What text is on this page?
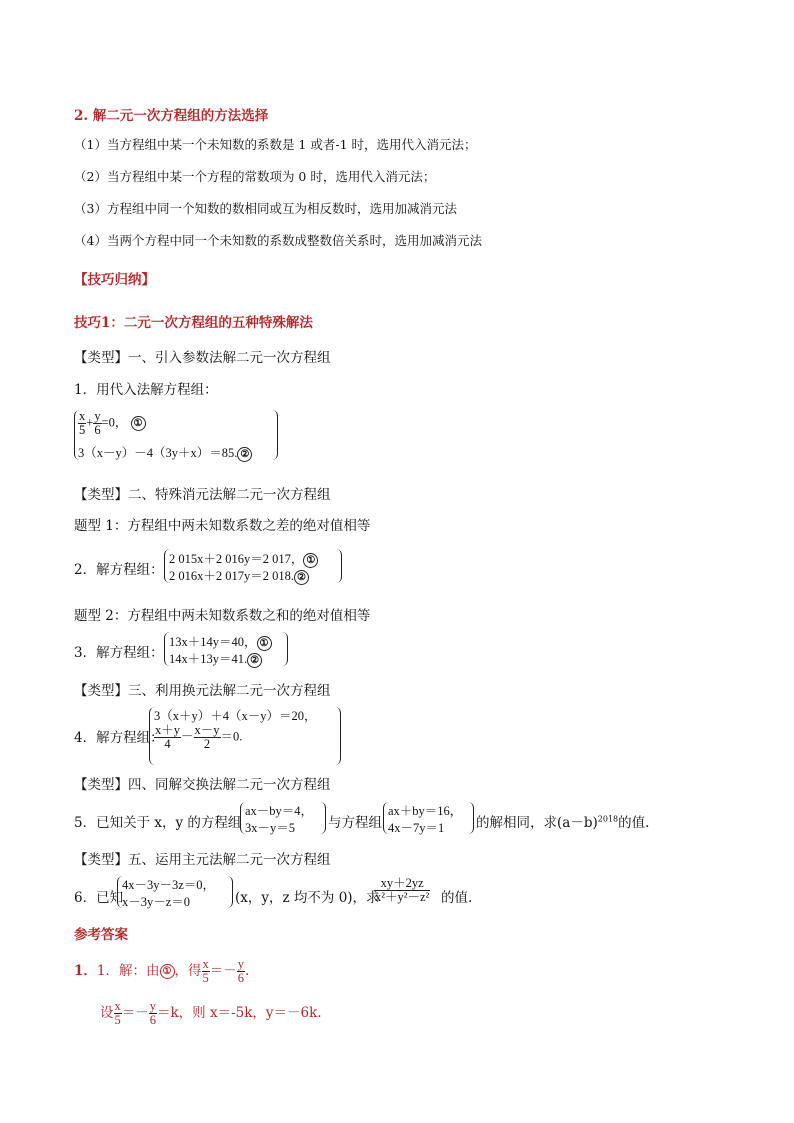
2. 解二元一次方程组的方法选择
（1）当方程组中某一个未知数的系数是 1 或者-1 时，选用代入消元法；
（2）当方程组中某一个方程的常数项为 0 时，选用代入消元法；
（3）方程组中同一个知数的数相同或互为相反数时，选用加减消元法
（4）当两个方程中同一个未知数的系数成整数倍关系时，选用加减消元法
【技巧归纳】
技巧1：二元一次方程组的五种特殊解法
【类型】一、引入参数法解二元一次方程组
1．用代入法解方程组：
$\frac{x}{5} + \frac{y}{6} =0$， ①
3（x－y）－4（3y＋x）＝85. ②
【类型】二、特殊消元法解二元一次方程组
题型 1：方程组中两未知数系数之差的绝对值相等
2．解方程组：
2 015x＋2 016y＝2 017， ①
2 016x＋2 017y＝2 018. ②
题型 2：方程组中两未知数系数之和的绝对值相等
3．解方程组：
13x＋14y＝40， ①
14x＋13y＝41. ②
【类型】三、利用换元法解二元一次方程组
4．解方程组：
3（x＋y）＋4（x－y）＝20，
$\frac{x+y}{4} - \frac{x-y}{2} =0$.
【类型】四、同解交换法解二元一次方程组
5．已知关于 x，y 的方程组
ax－by＝4，
3x－y＝5 与方程组
ax＋by＝16，
4x－7y＝1 的解相同，求$(a-b)^{2018}$的值.
【类型】五、运用主元法解二元一次方程组
6．已知
4x－3y－3z＝0，
x－3y－z＝0	(x，y，z 均不为 0)，求
$\frac{xy+2yz}{\text{x²＋y²－z²}}$ 的值.
参考答案
1．1．解：由 ① ，得 $\frac{x}{5} =- \frac{y}{6}$ .
设 $\frac{x}{5} =- \frac{y}{6} =k$，则 x＝-5k，y＝－6k.
